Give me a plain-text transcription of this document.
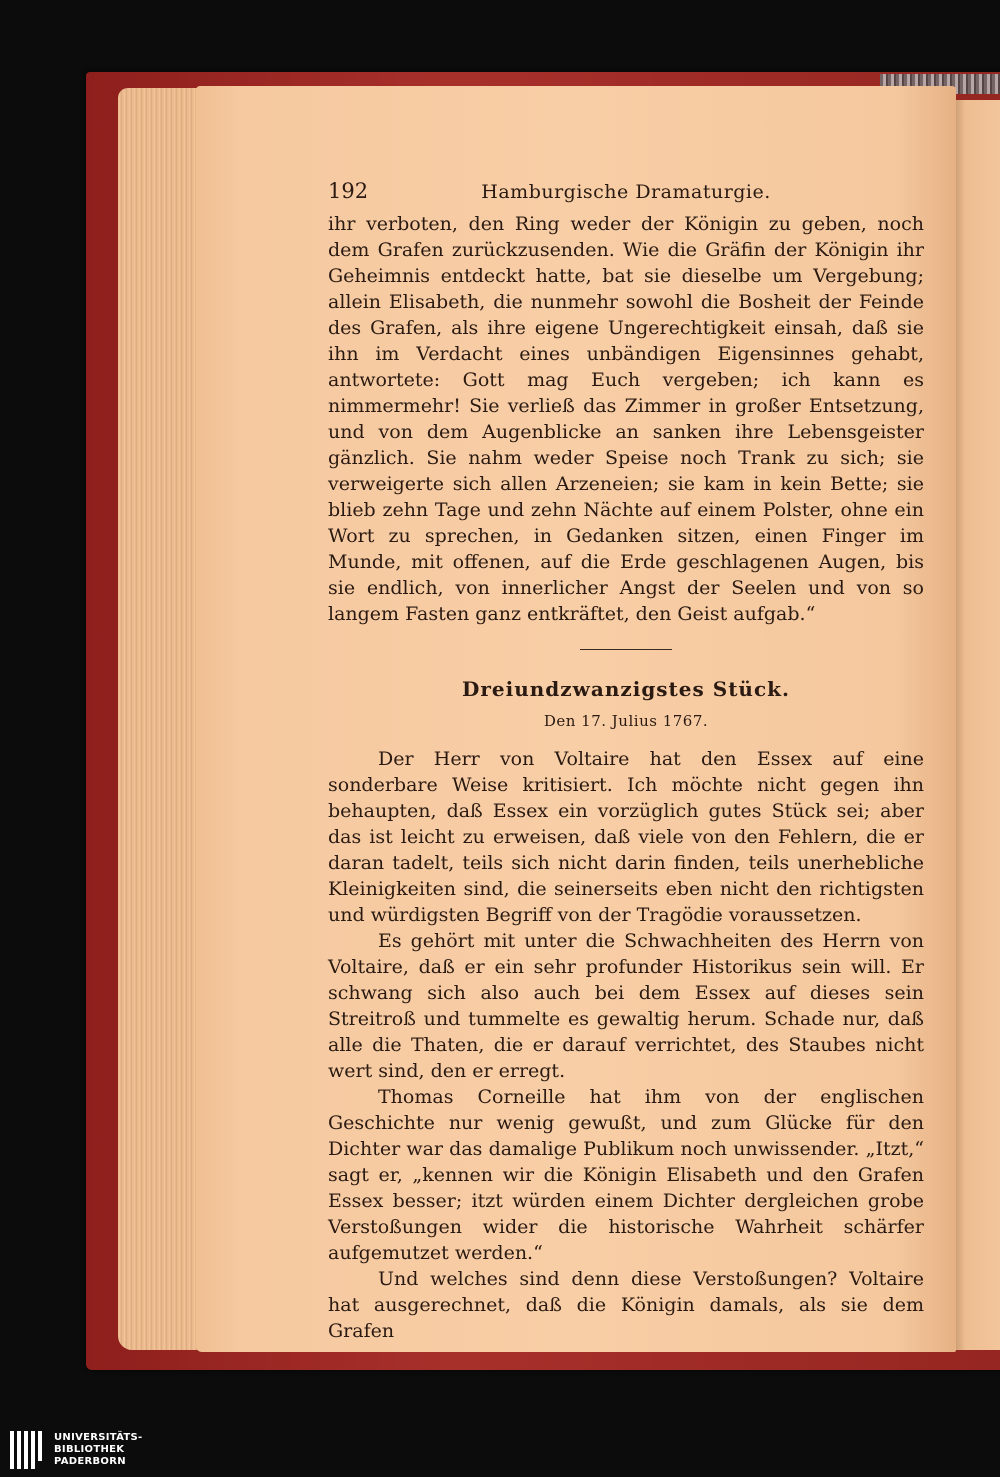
192	Hamburgische Dramaturgie.

ihr verboten, den Ring weder der Königin zu geben, noch dem Grafen zurückzusenden. Wie die Gräfin der Königin ihr Geheimnis entdeckt hatte, bat sie dieselbe um Vergebung; allein Elisabeth, die nunmehr sowohl die Bosheit der Feinde des Grafen, als ihre eigene Ungerechtigkeit einsah, daß sie ihn im Verdacht eines unbändigen Eigensinnes gehabt, antwortete: Gott mag Euch vergeben; ich kann es nimmermehr! Sie verließ das Zimmer in großer Entsetzung, und von dem Augenblicke an sanken ihre Lebensgeister gänzlich. Sie nahm weder Speise noch Trank zu sich; sie verweigerte sich allen Arzeneien; sie kam in kein Bette; sie blieb zehn Tage und zehn Nächte auf einem Polster, ohne ein Wort zu sprechen, in Gedanken sitzen, einen Finger im Munde, mit offenen, auf die Erde geschlagenen Augen, bis sie endlich, von innerlicher Angst der Seelen und von so langem Fasten ganz entkräftet, den Geist aufgab.“

Dreiundzwanzigstes Stück.

Den 17. Julius 1767.

Der Herr von Voltaire hat den Essex auf eine sonderbare Weise kritisiert. Ich möchte nicht gegen ihn behaupten, daß Essex ein vorzüglich gutes Stück sei; aber das ist leicht zu erweisen, daß viele von den Fehlern, die er daran tadelt, teils sich nicht darin finden, teils unerhebliche Kleinigkeiten sind, die seinerseits eben nicht den richtigsten und würdigsten Begriff von der Tragödie voraussetzen.

Es gehört mit unter die Schwachheiten des Herrn von Voltaire, daß er ein sehr profunder Historikus sein will. Er schwang sich also auch bei dem Essex auf dieses sein Streitroß und tummelte es gewaltig herum. Schade nur, daß alle die Thaten, die er darauf verrichtet, des Staubes nicht wert sind, den er erregt.

Thomas Corneille hat ihm von der englischen Geschichte nur wenig gewußt, und zum Glücke für den Dichter war das damalige Publikum noch unwissender. „Itzt,“ sagt er, „kennen wir die Königin Elisabeth und den Grafen Essex besser; itzt würden einem Dichter dergleichen grobe Verstoßungen wider die historische Wahrheit schärfer aufgemutzet werden.“

Und welches sind denn diese Verstoßungen? Voltaire hat ausgerechnet, daß die Königin damals, als sie dem Grafen

UNIVERSITÄTS-
BIBLIOTHEK
PADERBORN
